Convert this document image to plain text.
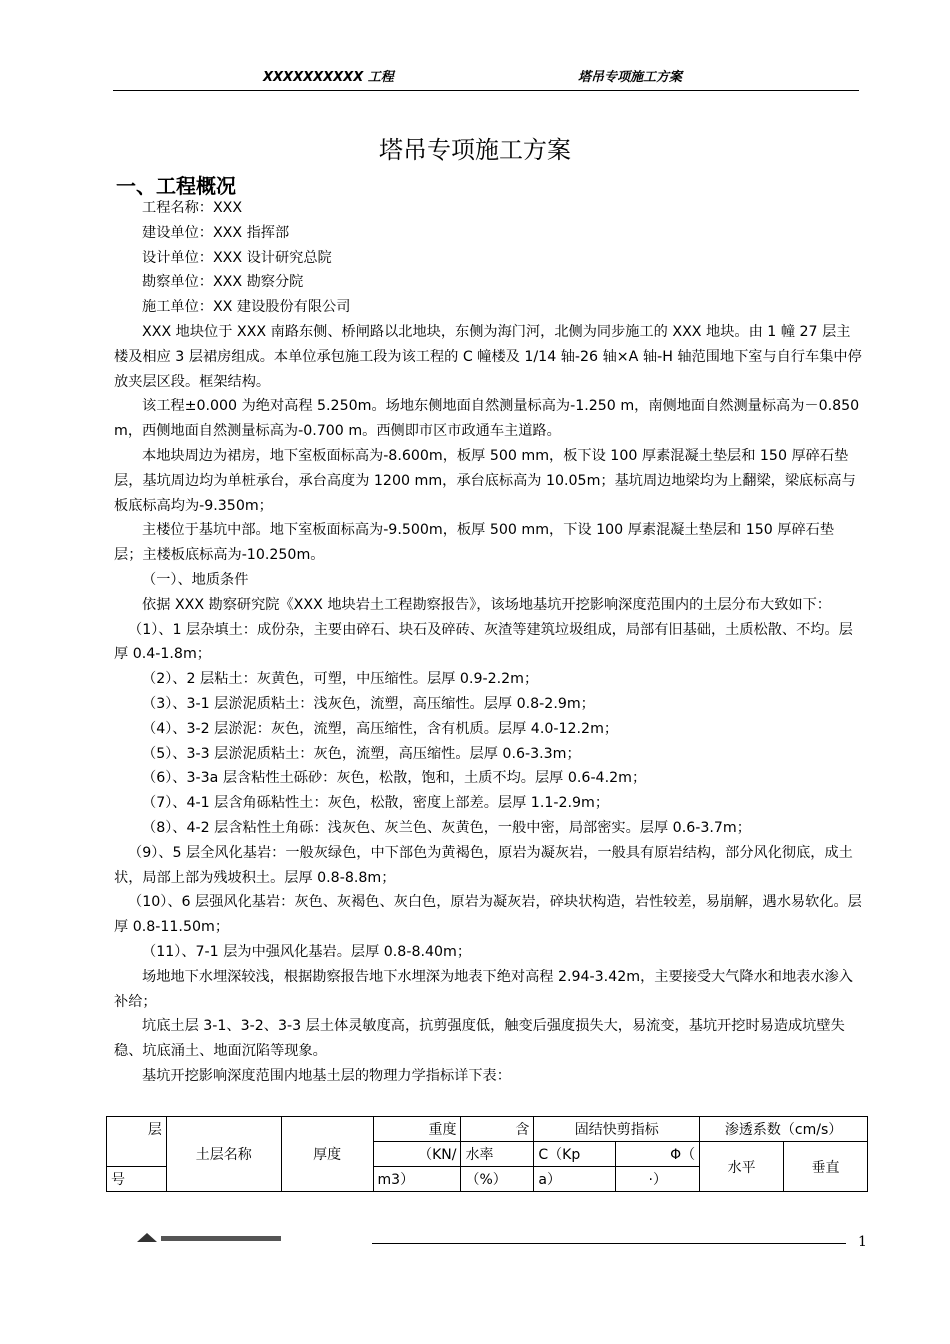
XXXXXXXXXX 工程	塔吊专项施工方案
塔吊专项施工方案
一、工程概况

工程名称：XXX

建设单位：XXX 指挥部

设计单位：XXX 设计研究总院

勘察单位：XXX 勘察分院

施工单位：XX 建设股份有限公司

XXX 地块位于 XXX 南路东侧、桥闸路以北地块，东侧为海门河，北侧为同步施工的 XXX 地块。由 1 幢 27 层主楼及相应 3 层裙房组成。本单位承包施工段为该工程的 C 幢楼及 1/14 轴-26 轴×A 轴-H 轴范围地下室与自行车集中停放夹层区段。框架结构。

该工程±0.000 为绝对高程 5.250m。场地东侧地面自然测量标高为-1.250 m，南侧地面自然测量标高为－0.850 m，西侧地面自然测量标高为-0.700 m。西侧即市区市政通车主道路。

本地块周边为裙房，地下室板面标高为-8.600m，板厚 500 mm，板下设 100 厚素混凝土垫层和 150 厚碎石垫层，基坑周边均为单桩承台，承台高度为 1200 mm，承台底标高为 10.05m；基坑周边地梁均为上翻梁，梁底标高与板底标高均为-9.350m；

主楼位于基坑中部。地下室板面标高为-9.500m，板厚 500 mm，下设 100 厚素混凝土垫层和 150 厚碎石垫层；主楼板底标高为-10.250m。

（一）、地质条件

依据 XXX 勘察研究院《XXX 地块岩土工程勘察报告》，该场地基坑开挖影响深度范围内的土层分布大致如下：

（1）、1 层杂填土：成份杂，主要由碎石、块石及碎砖、灰渣等建筑垃圾组成，局部有旧基础，土质松散、不均。层厚 0.4-1.8m；

（2）、2 层粘土：灰黄色，可塑，中压缩性。层厚 0.9-2.2m；

（3）、3-1 层淤泥质粘土：浅灰色，流塑，高压缩性。层厚 0.8-2.9m；

（4）、3-2 层淤泥：灰色，流塑，高压缩性，含有机质。层厚 4.0-12.2m；

（5）、3-3 层淤泥质粘土：灰色，流塑，高压缩性。层厚 0.6-3.3m；

（6）、3-3a 层含粘性土砾砂：灰色，松散，饱和，土质不均。层厚 0.6-4.2m；

（7）、4-1 层含角砾粘性土：灰色，松散，密度上部差。层厚 1.1-2.9m；

（8）、4-2 层含粘性土角砾：浅灰色、灰兰色、灰黄色，一般中密，局部密实。层厚 0.6-3.7m；

（9）、5 层全风化基岩：一般灰绿色，中下部色为黄褐色，原岩为凝灰岩，一般具有原岩结构，部分风化彻底，成土状，局部上部为残坡积土。层厚 0.8-8.8m；

（10）、6 层强风化基岩：灰色、灰褐色、灰白色，原岩为凝灰岩，碎块状构造，岩性较差，易崩解，遇水易软化。层厚 0.8-11.50m；

（11）、7-1 层为中强风化基岩。层厚 0.8-8.40m；

场地地下水埋深较浅，根据勘察报告地下水埋深为地表下绝对高程 2.94-3.42m，主要接受大气降水和地表水渗入补给；

坑底土层 3-1、3-2、3-3 层土体灵敏度高，抗剪强度低，触变后强度损失大，易流变，基坑开挖时易造成坑壁失稳、坑底涌土、地面沉陷等现象。

基坑开挖影响深度范围内地基土层的物理力学指标详下表：

层	土层名称	厚度	重度	含	固结快剪指标		渗透系数（cm/s）	
			（KN/	水率	C（Kp	Φ（	水平	垂直
号			m3）	（%）	a）	·）		
1
